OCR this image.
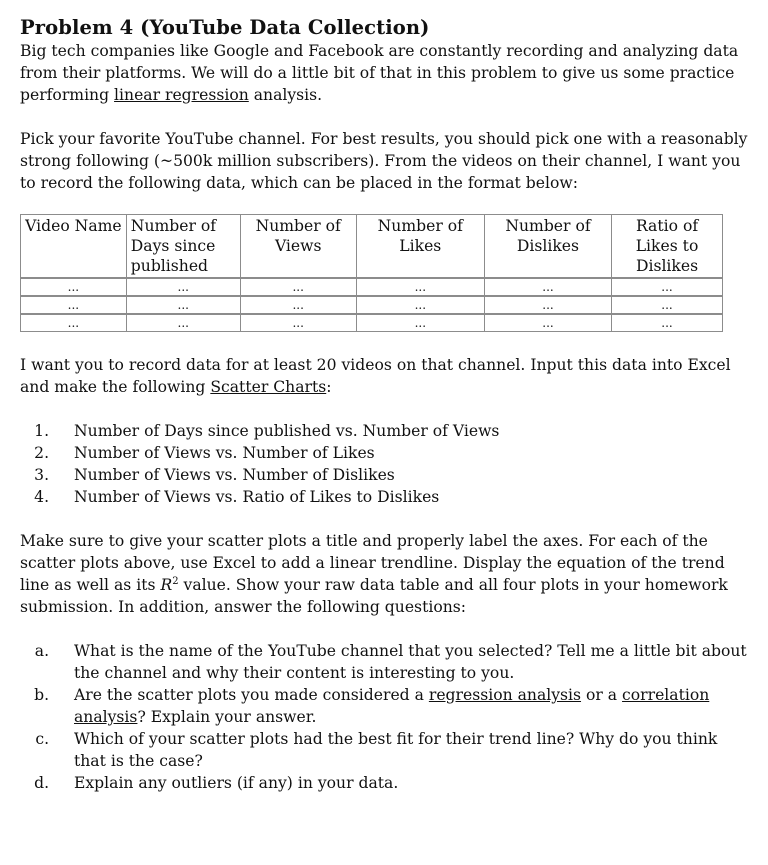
Problem 4 (YouTube Data Collection)

Big tech companies like Google and Facebook are constantly recording and analyzing data from their platforms. We will do a little bit of that in this problem to give us some practice performing linear regression analysis.

Pick your favorite YouTube channel. For best results, you should pick one with a reasonably strong following (~500k million subscribers). From the videos on their channel, I want you to record the following data, which can be placed in the format below:

Video Name	Number of Days since published	Number of Views	Number of Likes	Number of Dislikes	Ratio of Likes to Dislikes
...	...	...	...	...	...
...	...	...	...	...	...
...	...	...	...	...	...

I want you to record data for at least 20 videos on that channel. Input this data into Excel and make the following Scatter Charts:

1. Number of Days since published vs. Number of Views
2. Number of Views vs. Number of Likes
3. Number of Views vs. Number of Dislikes
4. Number of Views vs. Ratio of Likes to Dislikes

Make sure to give your scatter plots a title and properly label the axes. For each of the scatter plots above, use Excel to add a linear trendline. Display the equation of the trend line as well as its $R^2$ value. Show your raw data table and all four plots in your homework submission. In addition, answer the following questions:

a. What is the name of the YouTube channel that you selected? Tell me a little bit about the channel and why their content is interesting to you.
b. Are the scatter plots you made considered a regression analysis or a correlation analysis? Explain your answer.
c. Which of your scatter plots had the best fit for their trend line? Why do you think that is the case?
d. Explain any outliers (if any) in your data.
